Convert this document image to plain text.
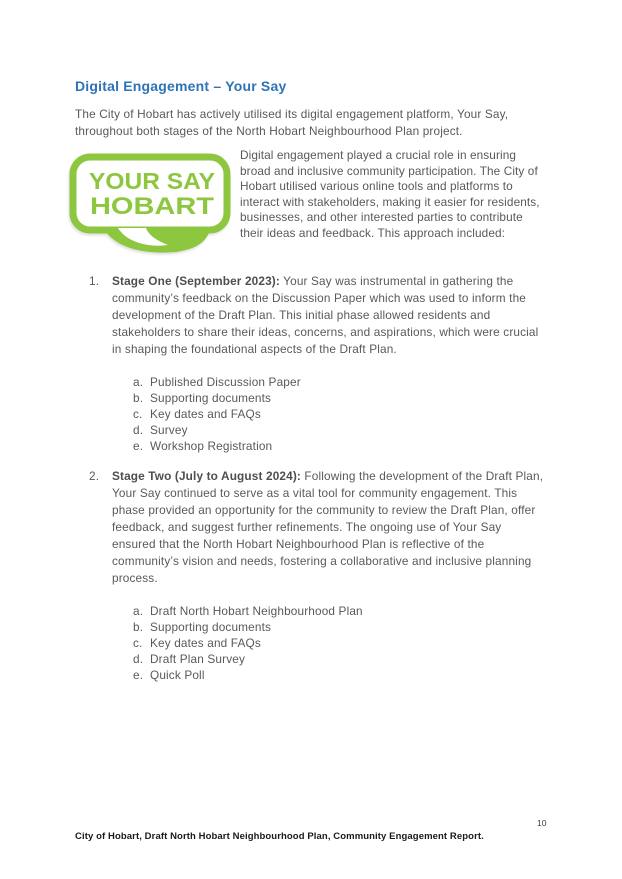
Digital Engagement – Your Say

The City of Hobart has actively utilised its digital engagement platform, Your Say, throughout both stages of the North Hobart Neighbourhood Plan project.

YOUR SAY
HOBART

Digital engagement played a crucial role in ensuring broad and inclusive community participation. The City of Hobart utilised various online tools and platforms to interact with stakeholders, making it easier for residents, businesses, and other interested parties to contribute their ideas and feedback. This approach included:

1.	Stage One (September 2023): Your Say was instrumental in gathering the community’s feedback on the Discussion Paper which was used to inform the development of the Draft Plan. This initial phase allowed residents and stakeholders to share their ideas, concerns, and aspirations, which were crucial in shaping the foundational aspects of the Draft Plan.
a. Published Discussion Paper
b. Supporting documents
c. Key dates and FAQs
d. Survey
e. Workshop Registration
2.	Stage Two (July to August 2024): Following the development of the Draft Plan, Your Say continued to serve as a vital tool for community engagement. This phase provided an opportunity for the community to review the Draft Plan, offer feedback, and suggest further refinements. The ongoing use of Your Say ensured that the North Hobart Neighbourhood Plan is reflective of the community’s vision and needs, fostering a collaborative and inclusive planning process.
a. Draft North Hobart Neighbourhood Plan
b. Supporting documents
c. Key dates and FAQs
d. Draft Plan Survey
e. Quick Poll
City of Hobart, Draft North Hobart Neighbourhood Plan, Community Engagement Report.
10
